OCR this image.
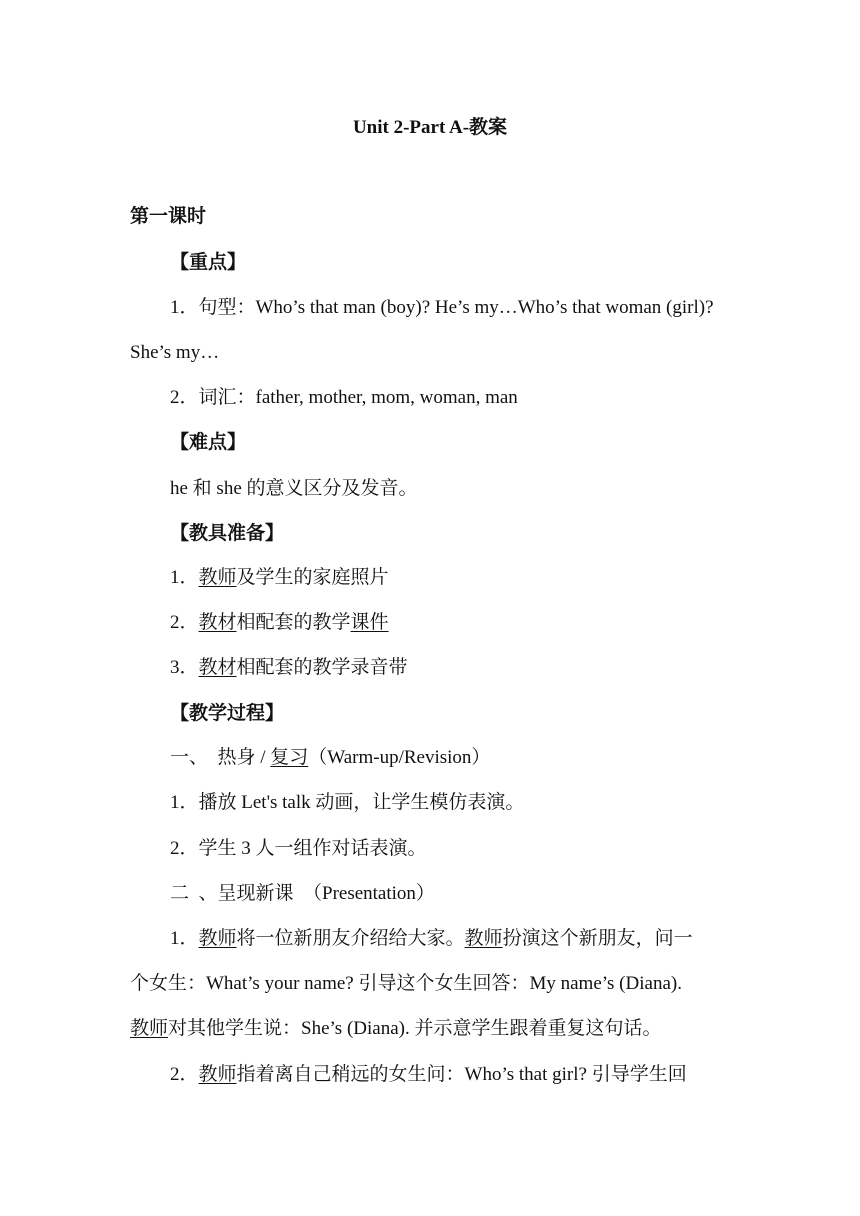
Unit 2-Part A-教案
第一课时
【重点】
1．句型：Who’s that man (boy)? He’s my…Who’s that woman (girl)?
She’s my…
2．词汇：father, mother, mom, woman, man
【难点】
he 和 she 的意义区分及发音。
【教具准备】
1．教师及学生的家庭照片
2．教材相配套的教学课件
3．教材相配套的教学录音带
【教学过程】
一、  热身 / 复习（Warm-up/Revision）
1．播放 Let's talk 动画，让学生模仿表演。
2．学生 3 人一组作对话表演。
二  、呈现新课  （Presentation）
1．教师将一位新朋友介绍给大家。教师扮演这个新朋友，问一
个女生：What’s your name? 引导这个女生回答：My name’s (Diana).
教师对其他学生说：She’s (Diana). 并示意学生跟着重复这句话。
2．教师指着离自己稍远的女生问：Who’s that girl? 引导学生回
